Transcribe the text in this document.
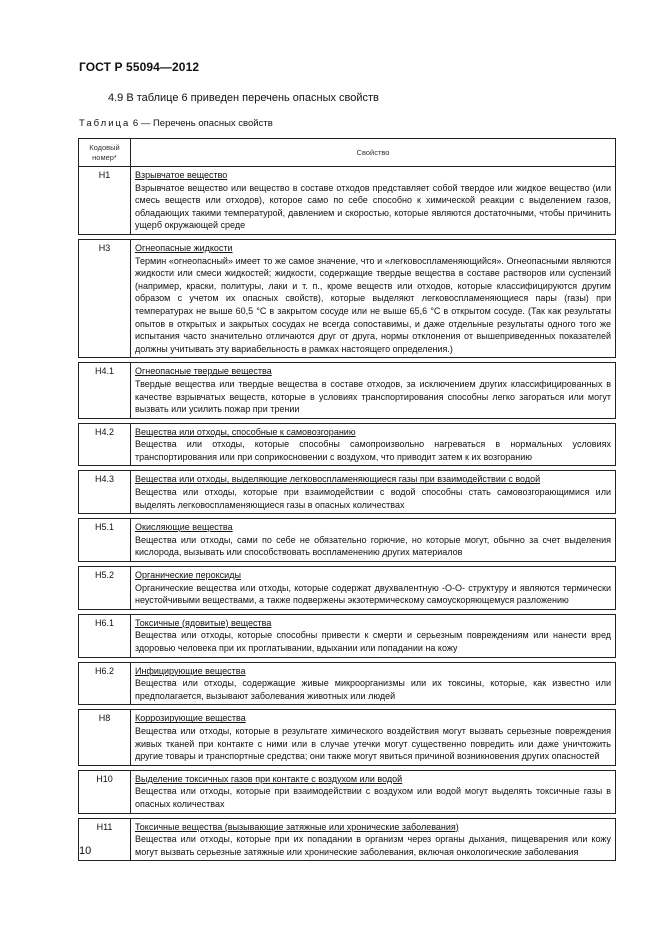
ГОСТ Р 55094—2012
4.9 В таблице 6 приведен перечень опасных свойств
Таблица 6 — Перечень опасных свойств
Кодовый номер*	Свойство
Н1	Взрывчатое вещество
Взрывчатое вещество или вещество в составе отходов представляет собой твердое или жидкое вещество (или смесь веществ или отходов), которое само по себе способно к химической реакции с выделением газов, обладающих такими температурой, давлением и скоростью, которые являются достаточными, чтобы причинить ущерб окружающей среде

Н3	Огнеопасные жидкости
Термин «огнеопасный» имеет то же самое значение, что и «легковоспламеняющийся». Огнеопасными являются жидкости или смеси жидкостей; жидкости, содержащие твердые вещества в составе растворов или суспензий (например, краски, политуры, лаки и т. п., кроме веществ или отходов, которые классифицируются другим образом с учетом их опасных свойств), которые выделяют легковоспламеняющиеся пары (газы) при температурах не выше 60,5 °С в закрытом сосуде или не выше 65,6 °С в открытом сосуде. (Так как результаты опытов в открытых и закрытых сосудах не всегда сопоставимы, и даже отдельные результаты одного того же испытания часто значительно отличаются друг от друга, нормы отклонения от вышеприведенных показателей должны учитывать эту вариабельность в рамках настоящего определения.)

Н4.1	Огнеопасные твердые вещества
Твердые вещества или твердые вещества в составе отходов, за исключением других классифицированных в качестве взрывчатых веществ, которые в условиях транспортирования способны легко загораться или могут вызвать или усилить пожар при трении

Н4.2	Вещества или отходы, способные к самовозгоранию
Вещества или отходы, которые способны самопроизвольно нагреваться в нормальных условиях транспортирования или при соприкосновении с воздухом, что приводит затем к их возгоранию

Н4.3	Вещества или отходы, выделяющие легковоспламеняющиеся газы при взаимодействии с водой
Вещества или отходы, которые при взаимодействии с водой способны стать самовозгорающимися или выделять легковоспламеняющиеся газы в опасных количествах

Н5.1	Окисляющие вещества
Вещества или отходы, сами по себе не обязательно горючие, но которые могут, обычно за счет выделения кислорода, вызывать или способствовать воспламенению других материалов

Н5.2	Органические пероксиды
Органические вещества или отходы, которые содержат двухвалентную -О-О- структуру и являются термически неустойчивыми веществами, а также подвержены экзотермическому самоускоряющемуся разложению

Н6.1	Токсичные (ядовитые) вещества
Вещества или отходы, которые способны привести к смерти и серьезным повреждениям или нанести вред здоровью человека при их проглатывании, вдыхании или попадании на кожу

Н6.2	Инфицирующие вещества
Вещества или отходы, содержащие живые микроорганизмы или их токсины, которые, как известно или предполагается, вызывают заболевания животных или людей

Н8	Коррозирующие вещества
Вещества или отходы, которые в результате химического воздействия могут вызвать серьезные повреждения живых тканей при контакте с ними или в случае утечки могут существенно повредить или даже уничтожить другие товары и транспортные средства; они также могут явиться причиной возникновения других опасностей

Н10	Выделение токсичных газов при контакте с воздухом или водой
Вещества или отходы, которые при взаимодействии с воздухом или водой могут выделять токсичные газы в опасных количествах

Н11	Токсичные вещества (вызывающие затяжные или хронические заболевания)
Вещества или отходы, которые при их попадании в организм через органы дыхания, пищеварения или кожу могут вызвать серьезные затяжные или хронические заболевания, включая онкологические заболевания
10
